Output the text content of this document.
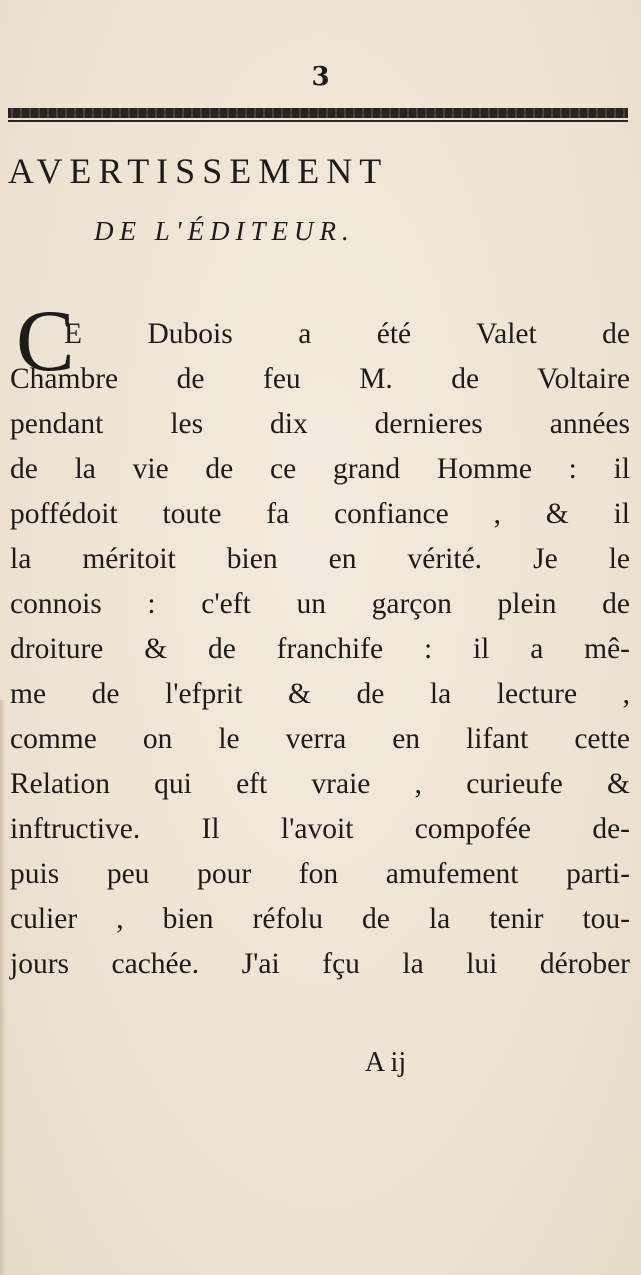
3
AVERTISSEMENT
DE L'ÉDITEUR.
C
E Dubois a été Valet de
Chambre de feu M. de Voltaire
pendant les dix dernieres années
de la vie de ce grand Homme : il
poffédoit toute fa confiance , & il
la méritoit bien en vérité. Je le
connois : c'eft un garçon plein de
droiture & de franchife : il a mê-
me de l'efprit & de la lecture ,
comme on le verra en lifant cette
Relation qui eft vraie , curieufe &
inftructive. Il l'avoit compofée de-
puis peu pour fon amufement parti-
culier , bien réfolu de la tenir tou-
jours cachée. J'ai fçu la lui dérober
A ij
